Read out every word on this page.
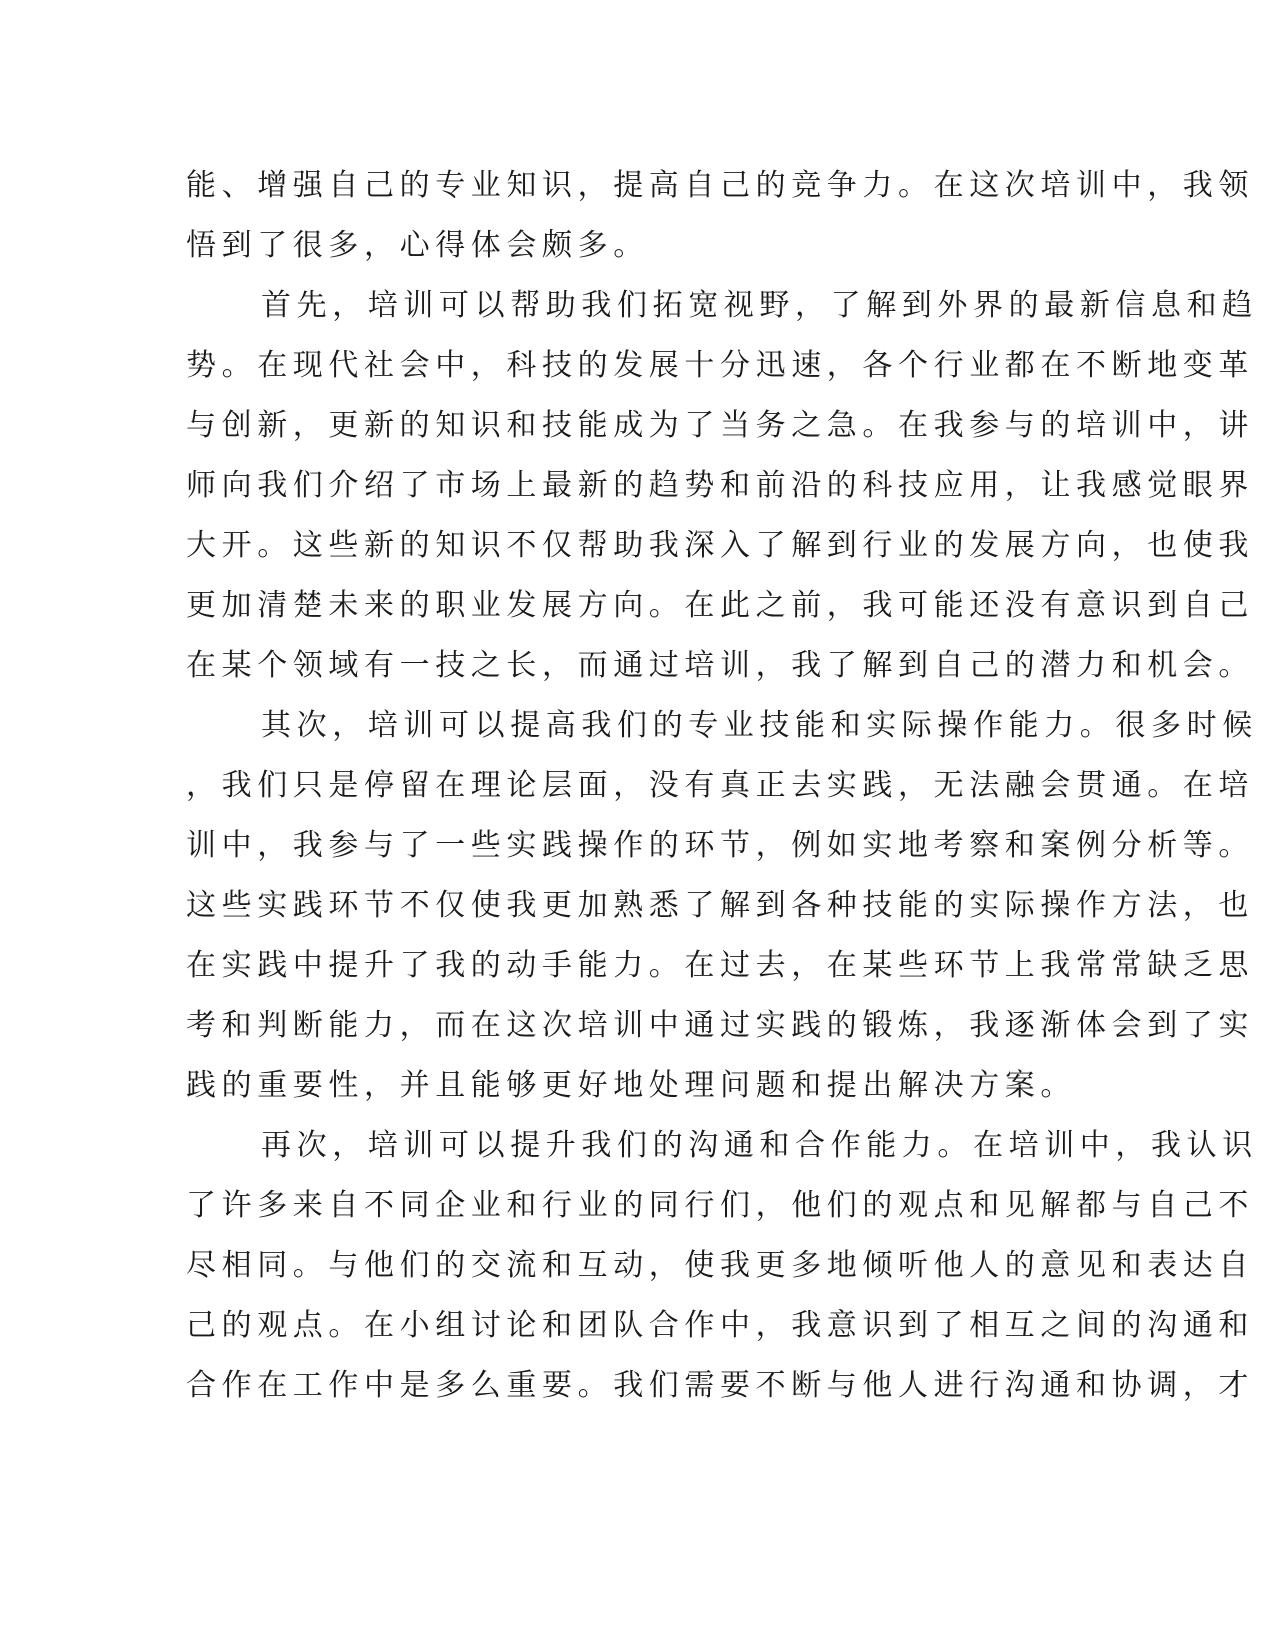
能、增强自己的专业知识，提高自己的竞争力。在这次培训中，我领
悟到了很多，心得体会颇多。
首先，培训可以帮助我们拓宽视野，了解到外界的最新信息和趋
势。在现代社会中，科技的发展十分迅速，各个行业都在不断地变革
与创新，更新的知识和技能成为了当务之急。在我参与的培训中，讲
师向我们介绍了市场上最新的趋势和前沿的科技应用，让我感觉眼界
大开。这些新的知识不仅帮助我深入了解到行业的发展方向，也使我
更加清楚未来的职业发展方向。在此之前，我可能还没有意识到自己
在某个领域有一技之长，而通过培训，我了解到自己的潜力和机会。
其次，培训可以提高我们的专业技能和实际操作能力。很多时候
，我们只是停留在理论层面，没有真正去实践，无法融会贯通。在培
训中，我参与了一些实践操作的环节，例如实地考察和案例分析等。
这些实践环节不仅使我更加熟悉了解到各种技能的实际操作方法，也
在实践中提升了我的动手能力。在过去，在某些环节上我常常缺乏思
考和判断能力，而在这次培训中通过实践的锻炼，我逐渐体会到了实
践的重要性，并且能够更好地处理问题和提出解决方案。
再次，培训可以提升我们的沟通和合作能力。在培训中，我认识
了许多来自不同企业和行业的同行们，他们的观点和见解都与自己不
尽相同。与他们的交流和互动，使我更多地倾听他人的意见和表达自
己的观点。在小组讨论和团队合作中，我意识到了相互之间的沟通和
合作在工作中是多么重要。我们需要不断与他人进行沟通和协调，才
